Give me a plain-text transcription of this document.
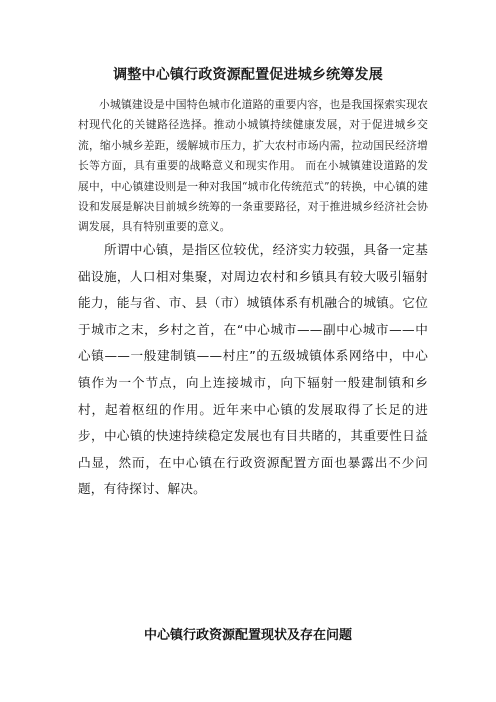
调整中心镇行政资源配置促进城乡统筹发展

小城镇建设是中国特色城市化道路的重要内容，也是我国探索实现农村现代化的关键路径选择。推动小城镇持续健康发展，对于促进城乡交流，缩小城乡差距，缓解城市压力，扩大农村市场内需，拉动国民经济增长等方面，具有重要的战略意义和现实作用。 而在小城镇建设道路的发展中，中心镇建设则是一种对我国“城市化传统范式”的转换，中心镇的建设和发展是解决目前城乡统筹的一条重要路径，对于推进城乡经济社会协调发展，具有特别重要的意义。

所谓中心镇，是指区位较优，经济实力较强，具备一定基础设施，人口相对集聚，对周边农村和乡镇具有较大吸引辐射能力，能与省、市、县（市）城镇体系有机融合的城镇。它位于城市之末，乡村之首，在“中心城市——副中心城市——中心镇——一般建制镇——村庄”的五级城镇体系网络中，中心镇作为一个节点，向上连接城市，向下辐射一般建制镇和乡村，起着枢纽的作用。近年来中心镇的发展取得了长足的进步，中心镇的快速持续稳定发展也有目共睹的，其重要性日益凸显，然而，在中心镇在行政资源配置方面也暴露出不少问题，有待探讨、解决。

中心镇行政资源配置现状及存在问题
